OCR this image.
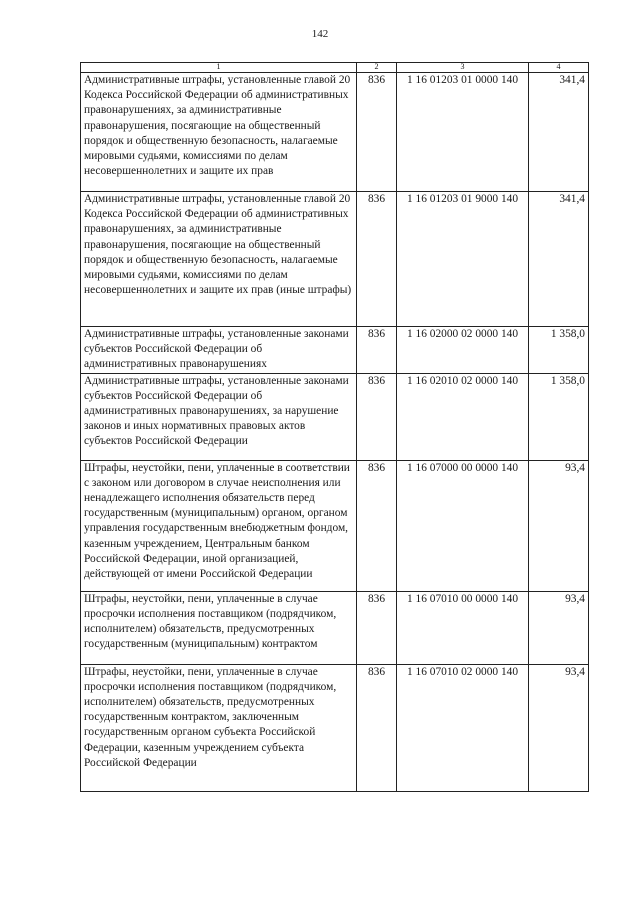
142
1	2	3	4
Административные штрафы, установленные главой 20 Кодекса Российской Федерации об административных правонарушениях, за административные правонарушения, посягающие на общественный порядок и общественную безопасность, налагаемые мировыми судьями, комиссиями по делам несовершеннолетних и защите их прав	836	1 16 01203 01 0000 140	341,4
Административные штрафы, установленные главой 20 Кодекса Российской Федерации об административных правонарушениях, за административные правонарушения, посягающие на общественный порядок и общественную безопасность, налагаемые мировыми судьями, комиссиями по делам несовершеннолетних и защите их прав (иные штрафы)	836	1 16 01203 01 9000 140	341,4
Административные штрафы, установленные законами субъектов Российской Федерации об административных правонарушениях	836	1 16 02000 02 0000 140	1 358,0
Административные штрафы, установленные законами субъектов Российской Федерации об административных правонарушениях, за нарушение законов и иных нормативных правовых актов субъектов Российской Федерации	836	1 16 02010 02 0000 140	1 358,0
Штрафы, неустойки, пени, уплаченные в соответствии с законом или договором в случае неисполнения или ненадлежащего исполнения обязательств перед государственным (муниципальным) органом, органом управления государственным внебюджетным фондом, казенным учреждением, Центральным банком Российской Федерации, иной организацией, действующей от имени Российской Федерации	836	1 16 07000 00 0000 140	93,4
Штрафы, неустойки, пени, уплаченные в случае просрочки исполнения поставщиком (подрядчиком, исполнителем) обязательств, предусмотренных государственным (муниципальным) контрактом	836	1 16 07010 00 0000 140	93,4
Штрафы, неустойки, пени, уплаченные в случае просрочки исполнения поставщиком (подрядчиком, исполнителем) обязательств, предусмотренных государственным контрактом, заключенным государственным органом субъекта Российской Федерации, казенным учреждением субъекта Российской Федерации	836	1 16 07010 02 0000 140	93,4
